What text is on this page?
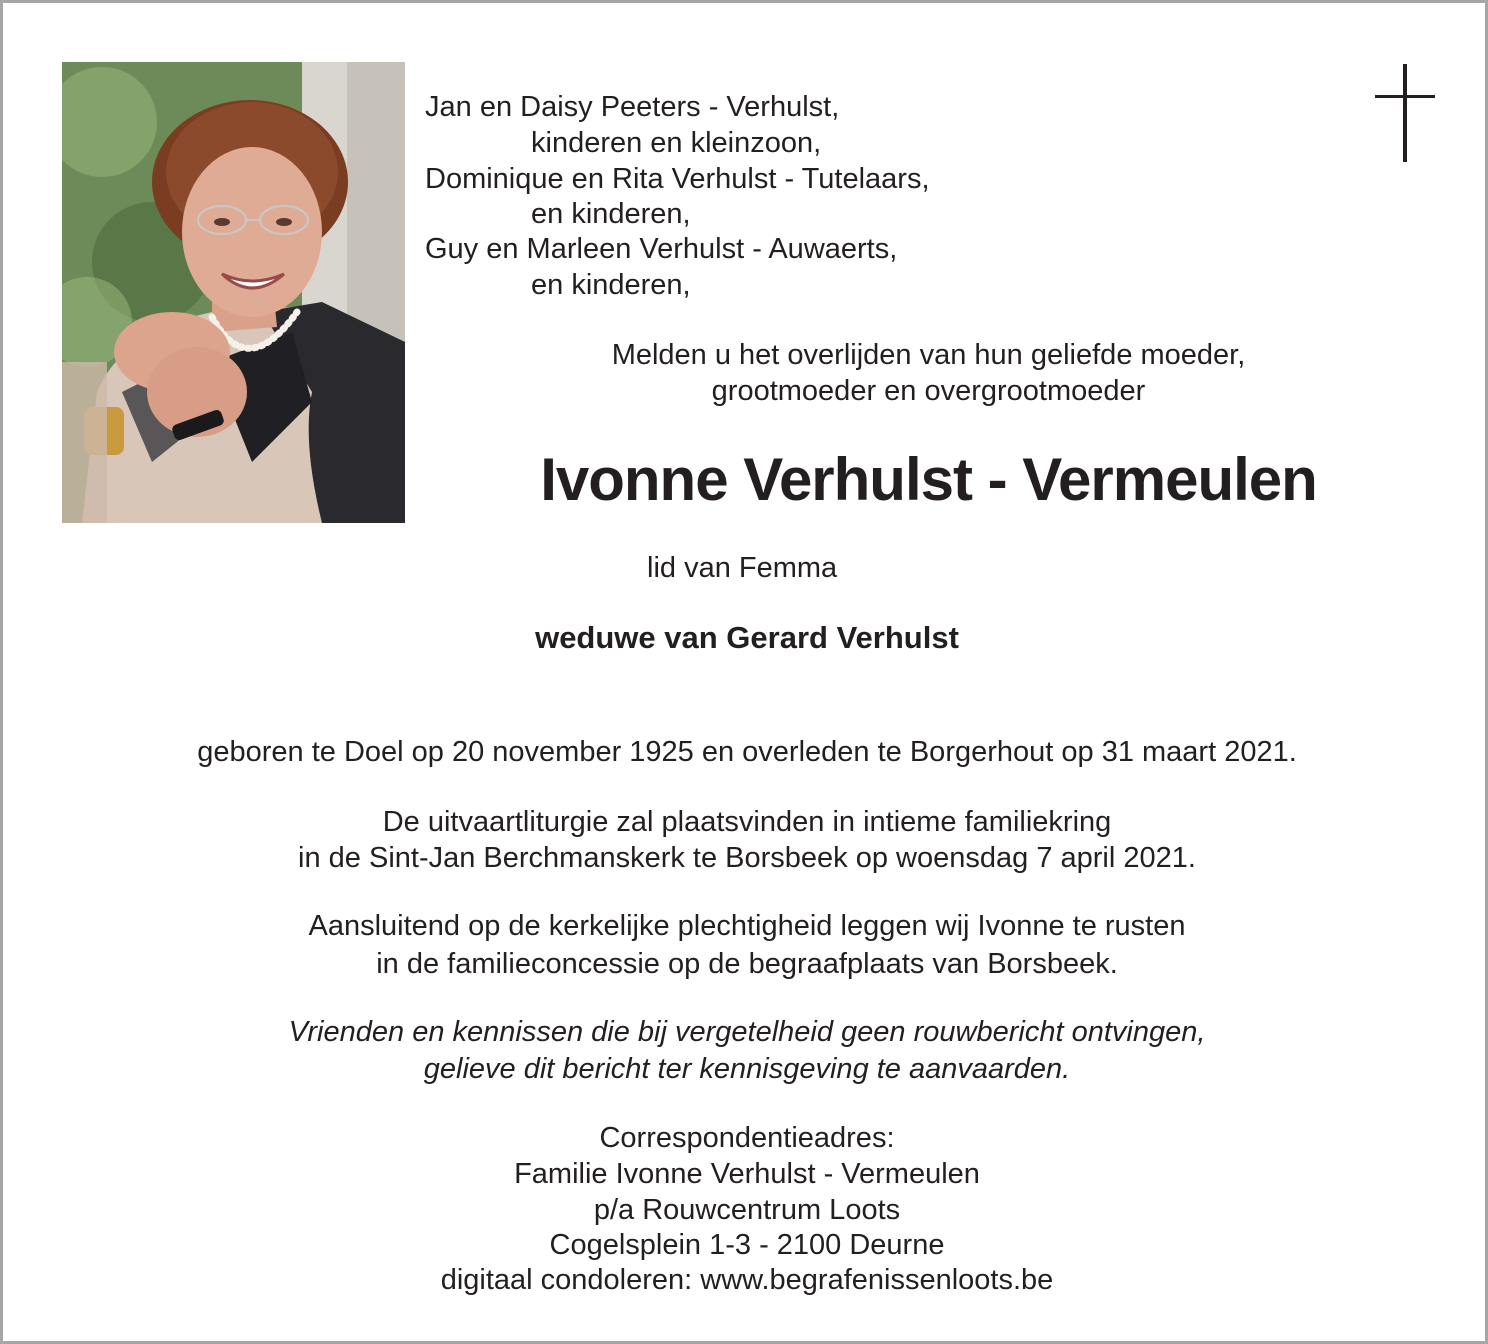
Jan en Daisy Peeters - Verhulst,
kinderen en kleinzoon,
Dominique en Rita Verhulst - Tutelaars,
en kinderen,
Guy en Marleen Verhulst - Auwaerts,
en kinderen,
Melden u het overlijden van hun geliefde moeder,
grootmoeder en overgrootmoeder
Ivonne Verhulst - Vermeulen
lid van Femma
weduwe van Gerard Verhulst
geboren te Doel op 20 november 1925 en overleden te Borgerhout op 31 maart 2021.
De uitvaartliturgie zal plaatsvinden in intieme familiekring
in de Sint-Jan Berchmanskerk te Borsbeek op woensdag 7 april 2021.
Aansluitend op de kerkelijke plechtigheid leggen wij Ivonne te rusten
in de familieconcessie op de begraafplaats van Borsbeek.
Vrienden en kennissen die bij vergetelheid geen rouwbericht ontvingen,
gelieve dit bericht ter kennisgeving te aanvaarden.
Correspondentieadres:
Familie Ivonne Verhulst - Vermeulen
p/a Rouwcentrum Loots
Cogelsplein 1-3 - 2100 Deurne
digitaal condoleren: www.begrafenissenloots.be
